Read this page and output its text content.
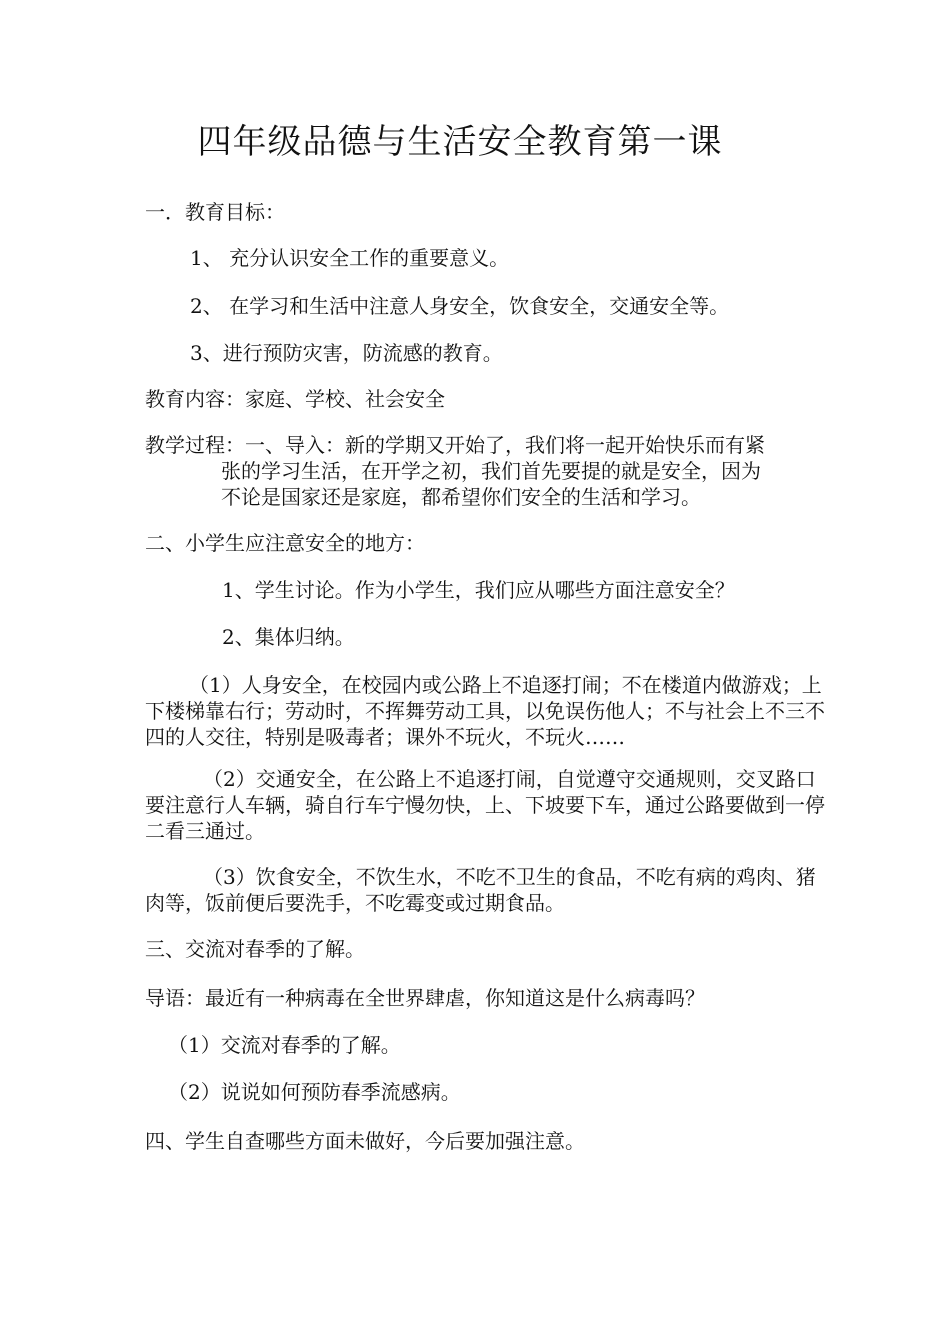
四年级品德与生活安全教育第一课
一．教育目标：
1、 充分认识安全工作的重要意义。
2、 在学习和生活中注意人身安全，饮食安全，交通安全等。
3、进行预防灾害，防流感的教育。
教育内容：家庭、学校、社会安全
教学过程：一、导入：新的学期又开始了，我们将一起开始快乐而有紧
张的学习生活，在开学之初，我们首先要提的就是安全，因为
不论是国家还是家庭，都希望你们安全的生活和学习。
二、小学生应注意安全的地方：
1、学生讨论。作为小学生，我们应从哪些方面注意安全？
2、集体归纳。
（1）人身安全，在校园内或公路上不追逐打闹；不在楼道内做游戏；上下楼梯靠右行；劳动时，不挥舞劳动工具，以免误伤他人；不与社会上不三不四的人交往，特别是吸毒者；课外不玩火，不玩火……
（2）交通安全，在公路上不追逐打闹，自觉遵守交通规则，交叉路口要注意行人车辆，骑自行车宁慢勿快，上、下坡要下车，通过公路要做到一停二看三通过。
（3）饮食安全，不饮生水，不吃不卫生的食品，不吃有病的鸡肉、猪肉等，饭前便后要洗手，不吃霉变或过期食品。
三、交流对春季的了解。
导语：最近有一种病毒在全世界肆虐，你知道这是什么病毒吗？
（1）交流对春季的了解。
（2）说说如何预防春季流感病。
四、学生自查哪些方面未做好，今后要加强注意。
